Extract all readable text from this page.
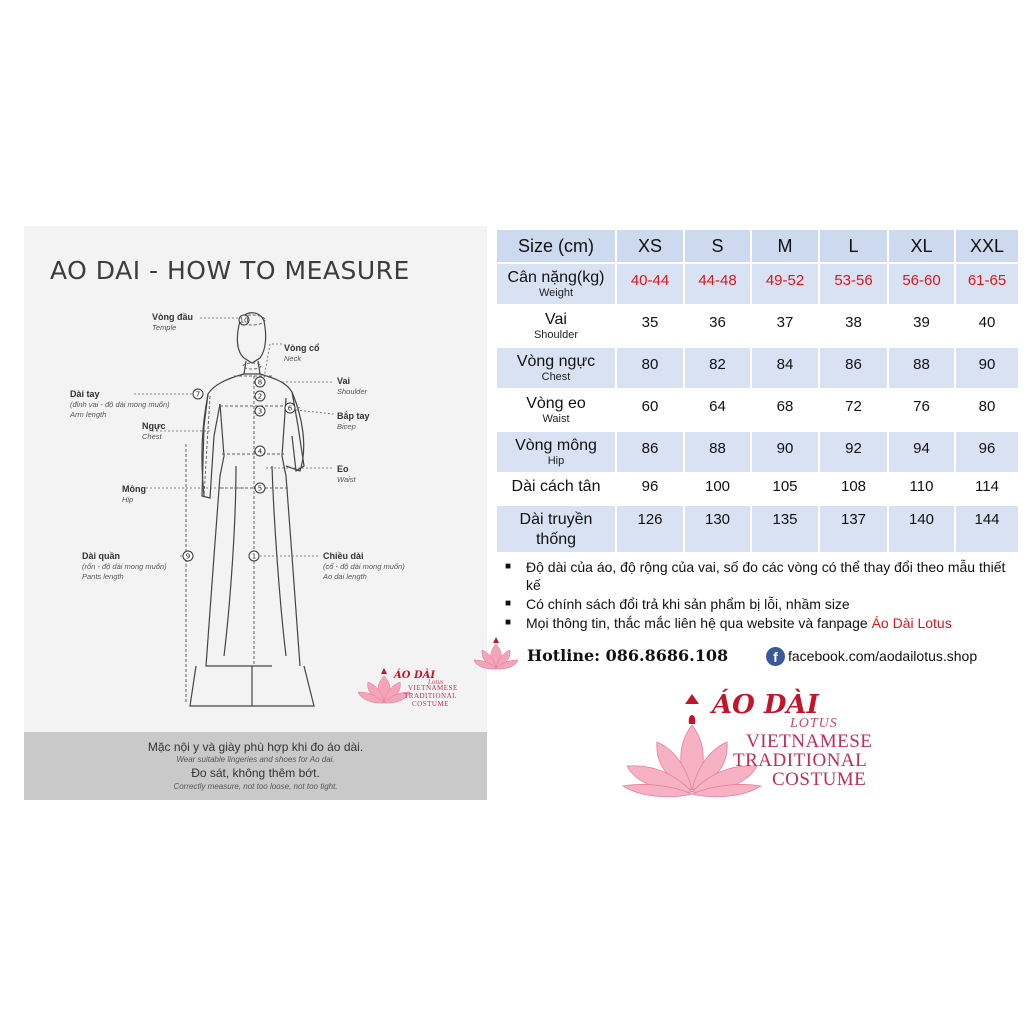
AO DAI - HOW TO MEASURE
10
8
2
3
4
5
1
7
6
9
Vòng đầu
Temple
Vòng cổ
Neck
Vai
Shoulder
Bắp tay
Bicep
Dài tay
(đỉnh vai - độ dài mong muốn)
Arm length
Ngực
Chest
Eo
Waist
Mông
Hip
Dài quần
(rốn - độ dài mong muốn)
Pants length
Chiều dài
(cổ - độ dài mong muốn)
Ao dai length
ÁO DÀI
Lotus
VIETNAMESE
TRADITIONAL
COSTUME
Mặc nội y và giày phù hợp khi đo áo dài.
Wear suitable lingeries and shoes for Ao dai.
Đo sát, không thêm bớt.
Correctly measure, not too loose, not too tight.
Size (cm)	XS	S	M	L	XL	XXL

Cân nặng(kg)
Weight	40-44	44-48	49-52	53-56	56-60	61-65

Vai
Shoulder	35	36	37	38	39	40

Vòng ngực
Chest	80	82	84	86	88	90

Vòng eo
Waist	60	64	68	72	76	80

Vòng mông
Hip	86	88	90	92	94	96

Dài cách tân	96	100	105	108	110	114

Dài truyền thống	126	130	135	137	140	144
■ Độ dài của áo, độ rộng của vai, số đo các vòng có thể thay đổi theo mẫu thiết kế
■ Có chính sách đổi trả khi sản phẩm bị lỗi, nhầm size
■ Mọi thông tin, thắc mắc liên hệ qua website và fanpage Áo Dài Lotus
Hotline: 086.8686.108	f facebook.com/aodailotus.shop
ÁO DÀI
LOTUS
VIETNAMESE
TRADITIONAL
COSTUME
